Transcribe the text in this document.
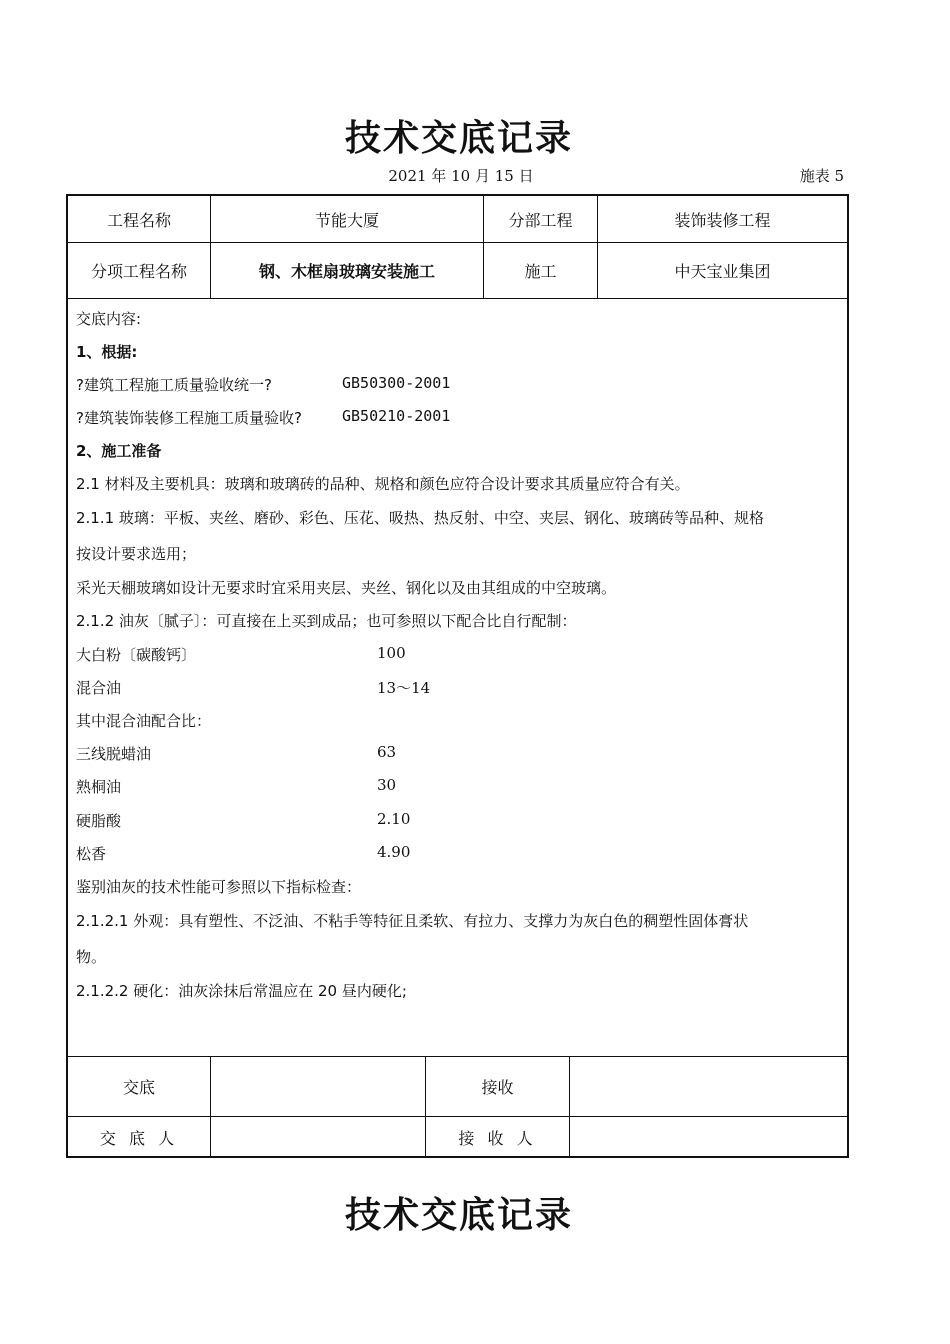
技术交底记录
2021 年 10 月 15 日	施表 5
工程名称	节能大厦	分部工程	装饰装修工程
分项工程名称	钢、木框扇玻璃安装施工	施工	中天宝业集团
交底内容:
1、根据:
?建筑工程施工质量验收统一?	GB50300-2001
?建筑装饰装修工程施工质量验收?	GB50210-2001
2、施工准备
2.1 材料及主要机具：玻璃和玻璃砖的品种、规格和颜色应符合设计要求其质量应符合有关。
2.1.1 玻璃：平板、夹丝、磨砂、彩色、压花、吸热、热反射、中空、夹层、钢化、玻璃砖等品种、规格
按设计要求选用；
采光天棚玻璃如设计无要求时宜采用夹层、夹丝、钢化以及由其组成的中空玻璃。
2.1.2 油灰〔腻子〕：可直接在上买到成品；也可参照以下配合比自行配制：
大白粉〔碳酸钙〕	100
混合油	13～14
其中混合油配合比：
三线脱蜡油	63
熟桐油	30
硬脂酸	2.10
松香	4.90
鉴别油灰的技术性能可参照以下指标检查：
2.1.2.1 外观：具有塑性、不泛油、不粘手等特征且柔软、有拉力、支撑力为灰白色的稠塑性固体膏状
物。
2.1.2.2 硬化：油灰涂抹后常温应在 20 昼内硬化;
交底	接收
交 底 人	接 收 人
技术交底记录
